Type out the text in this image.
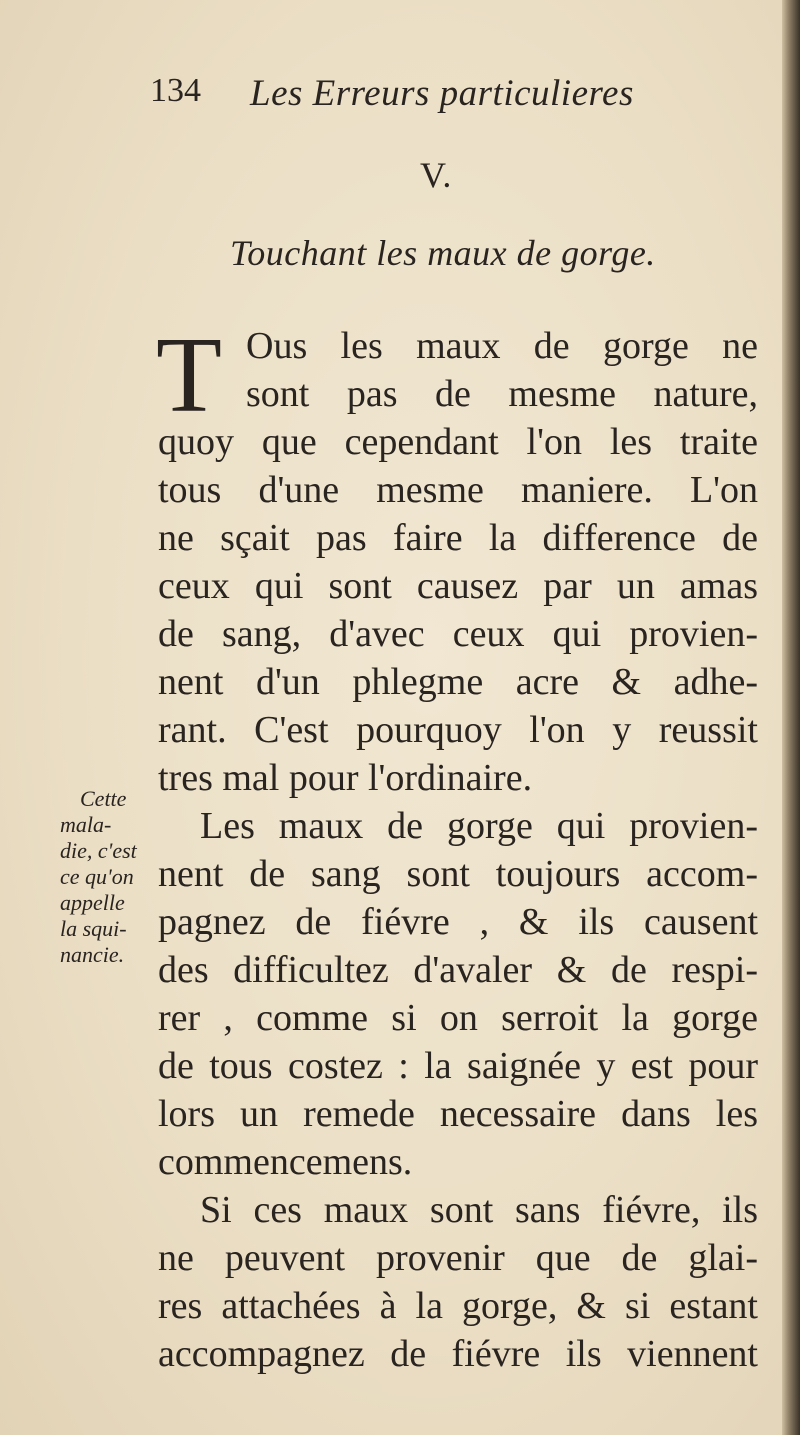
134 Les Erreurs particulieres
V.
Touchant les maux de gorge.
T Ous les maux de gorge ne
sont pas de mesme nature,
quoy que cependant l'on les traite
tous d'une mesme maniere. L'on
ne sçait pas faire la difference de
ceux qui sont causez par un amas
de sang, d'avec ceux qui provien-
nent d'un phlegme acre & adhe-
rant. C'est pourquoy l'on y reussit
tres mal pour l'ordinaire.
Les maux de gorge qui provien-
nent de sang sont toujours accom-
pagnez de fiévre , & ils causent
des difficultez d'avaler & de respi-
rer , comme si on serroit la gorge
de tous costez : la saignée y est pour
lors un remede necessaire dans les
commencemens.
Si ces maux sont sans fiévre, ils
ne peuvent provenir que de glai-
res attachées à la gorge, & si estant
accompagnez de fiévre ils viennent
Cette
mala-
die, c'est
ce qu'on
appelle
la squi-
nancie.
